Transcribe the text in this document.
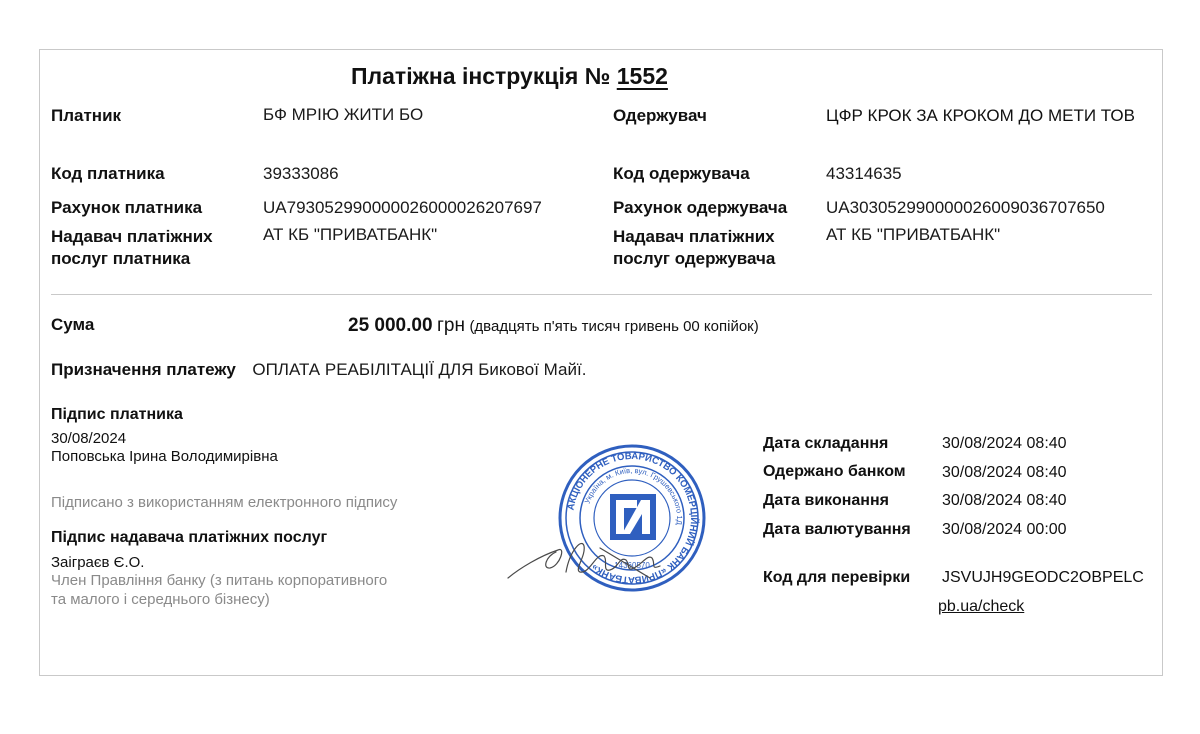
Платіжна інструкція № 1552
Платник	БФ МРІЮ ЖИТИ БО
Код платника	39333086
Рахунок платника	UA793052990000026000026207697
Надавач платіжних послуг платника
АТ КБ "ПРИВАТБАНК"
Одержувач	ЦФР КРОК ЗА КРОКОМ ДО МЕТИ ТОВ
Код одержувача	43314635
Рахунок одержувача UA303052990000026009036707650
Надавач платіжних послуг одержувача
АТ КБ "ПРИВАТБАНК"
Сума	25 000.00 грн (двадцять п'ять тисяч гривень 00 копійок)
Призначення платежу ОПЛАТА РЕАБІЛІТАЦІЇ ДЛЯ Бикової Майї.
Підпис платника
30/08/2024
Поповська Ірина Володимирівна
Підписано з використанням електронного підпису
Підпис надавача платіжних послуг
Заіграєв Є.О.
Член Правління банку (з питань корпоративного
та малого і середнього бізнесу)
АКЦІОНЕРНЕ ТОВАРИСТВО КОМЕРЦІЙНИЙ БАНК «ПРИВАТБАНК»
Україна, м. Київ, вул. Грушевського 1Д
14360570
Дата складання	30/08/2024 08:40
Одержано банком 30/08/2024 08:40
Дата виконання	30/08/2024 08:40
Дата валютування 30/08/2024 00:00
Код для перевірки JSVUJH9GEODC2OBPELC
pb.ua/check
